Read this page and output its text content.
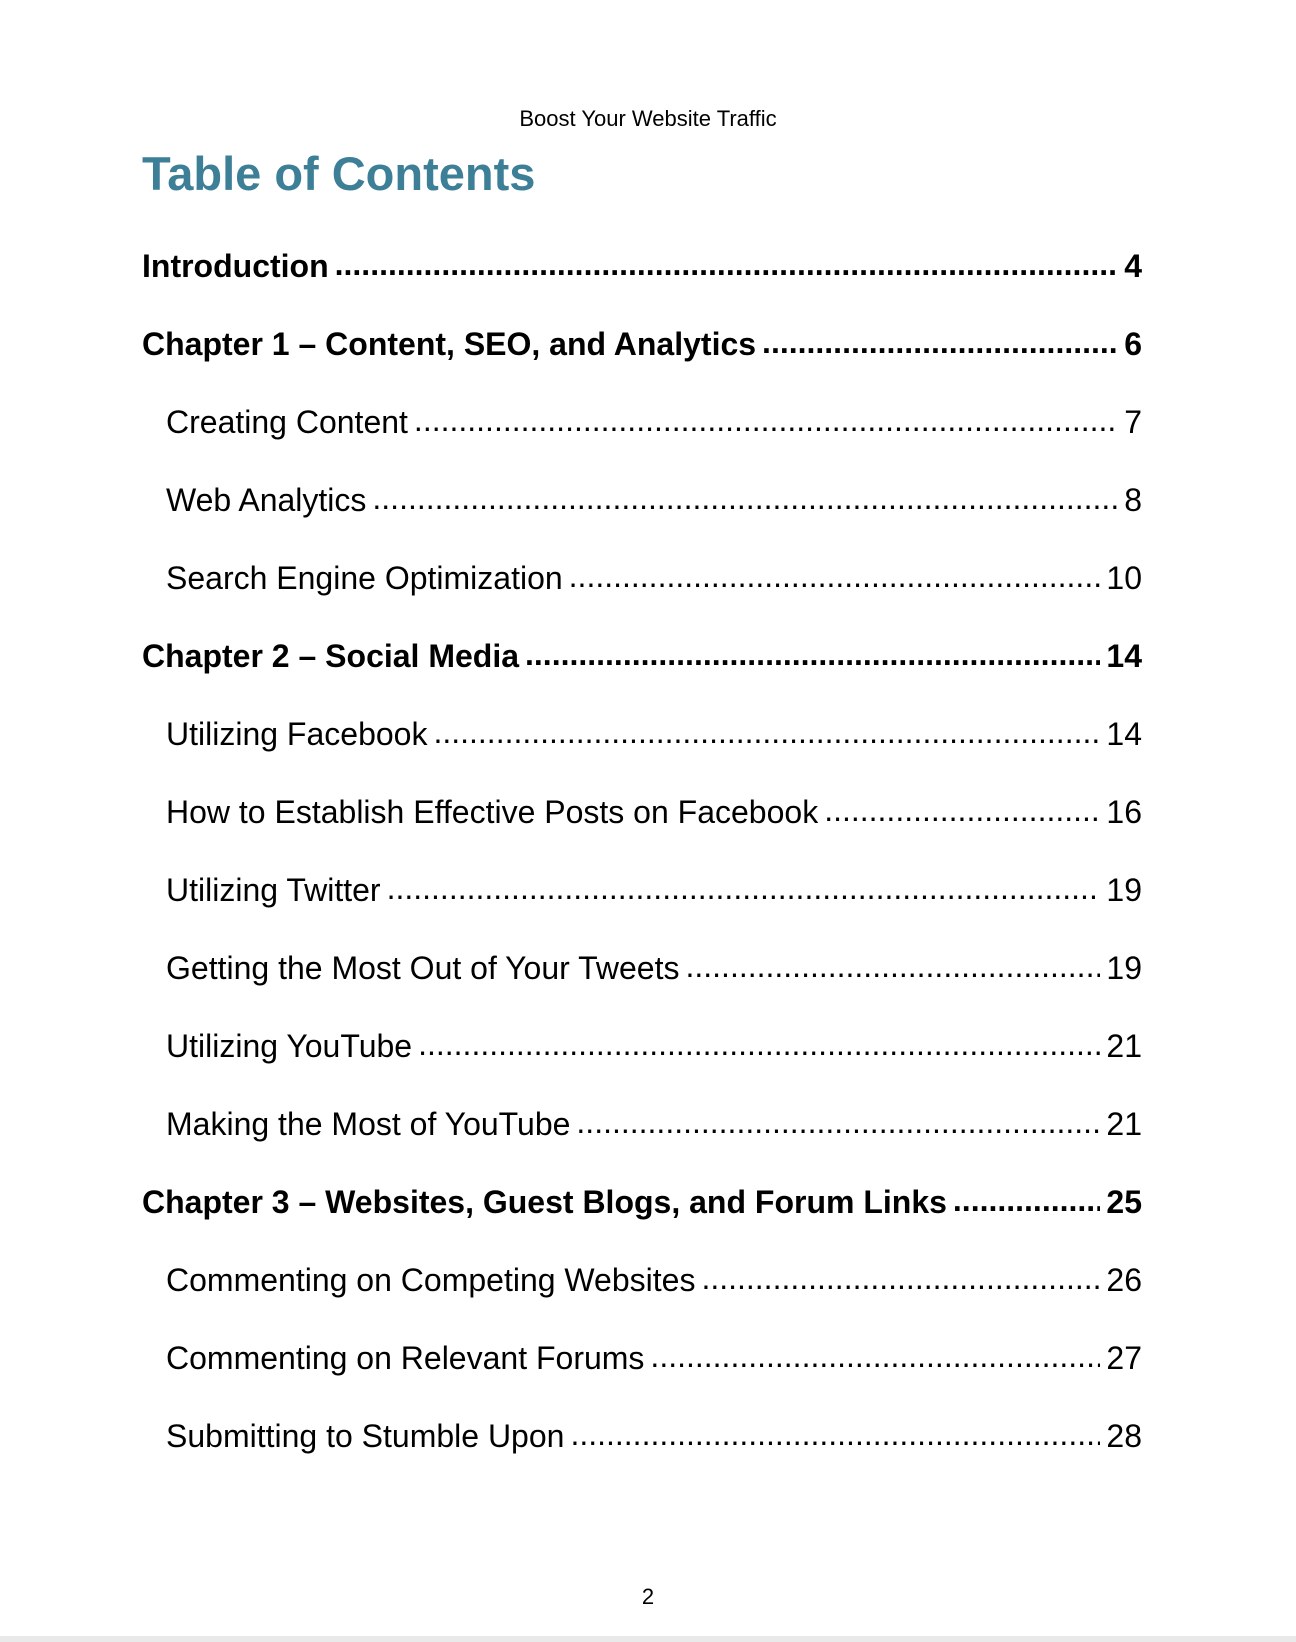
Boost Your Website Traffic
Table of Contents
Introduction .....	4
Chapter 1 – Content, SEO, and Analytics .....	6
Creating Content .....	7
Web Analytics .....	8
Search Engine Optimization .....	10
Chapter 2 – Social Media .....	14
Utilizing Facebook .....	14
How to Establish Effective Posts on Facebook .....	16
Utilizing Twitter .....	19
Getting the Most Out of Your Tweets .....	19
Utilizing YouTube .....	21
Making the Most of YouTube .....	21
Chapter 3 – Websites, Guest Blogs, and Forum Links .....	25
Commenting on Competing Websites .....	26
Commenting on Relevant Forums .....	27
Submitting to Stumble Upon .....	28
2
